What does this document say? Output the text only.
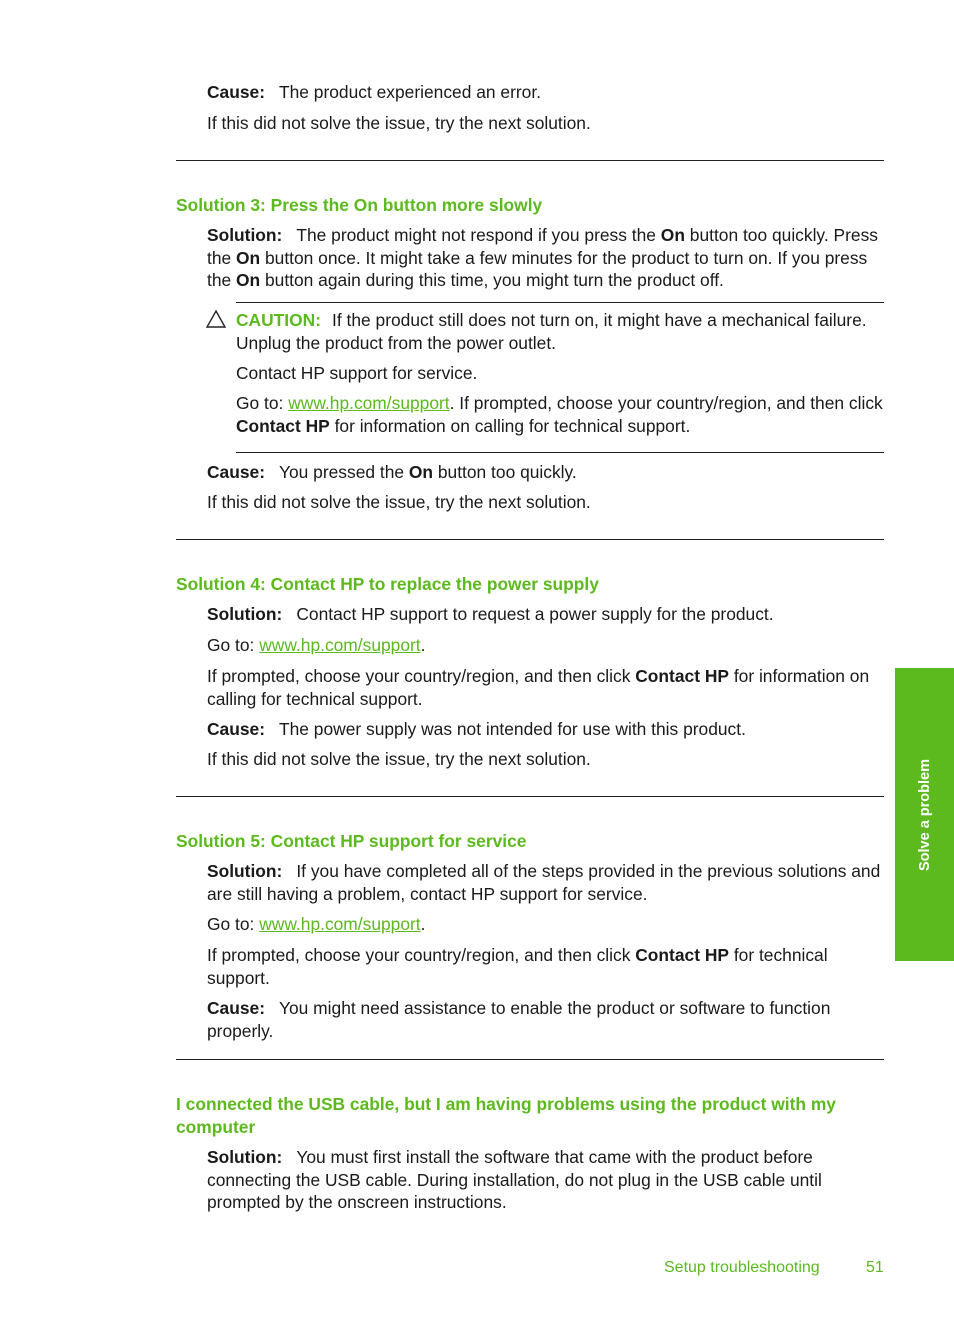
Cause: The product experienced an error.

If this did not solve the issue, try the next solution.

Solution 3: Press the On button more slowly

Solution: The product might not respond if you press the On button too quickly. Press the On button once. It might take a few minutes for the product to turn on. If you press the On button again during this time, you might turn the product off.

CAUTION: If the product still does not turn on, it might have a mechanical failure. Unplug the product from the power outlet.

Contact HP support for service.

Go to: www.hp.com/support. If prompted, choose your country/region, and then click Contact HP for information on calling for technical support.

Cause: You pressed the On button too quickly.

If this did not solve the issue, try the next solution.

Solution 4: Contact HP to replace the power supply

Solution: Contact HP support to request a power supply for the product.

Go to: www.hp.com/support.

If prompted, choose your country/region, and then click Contact HP for information on calling for technical support.

Cause: The power supply was not intended for use with this product.

If this did not solve the issue, try the next solution.

Solution 5: Contact HP support for service

Solution: If you have completed all of the steps provided in the previous solutions and are still having a problem, contact HP support for service.

Go to: www.hp.com/support.

If prompted, choose your country/region, and then click Contact HP for technical support.

Cause: You might need assistance to enable the product or software to function properly.

I connected the USB cable, but I am having problems using the product with my computer

Solution: You must first install the software that came with the product before connecting the USB cable. During installation, do not plug in the USB cable until prompted by the onscreen instructions.

Solve a problem
Setup troubleshooting	51
